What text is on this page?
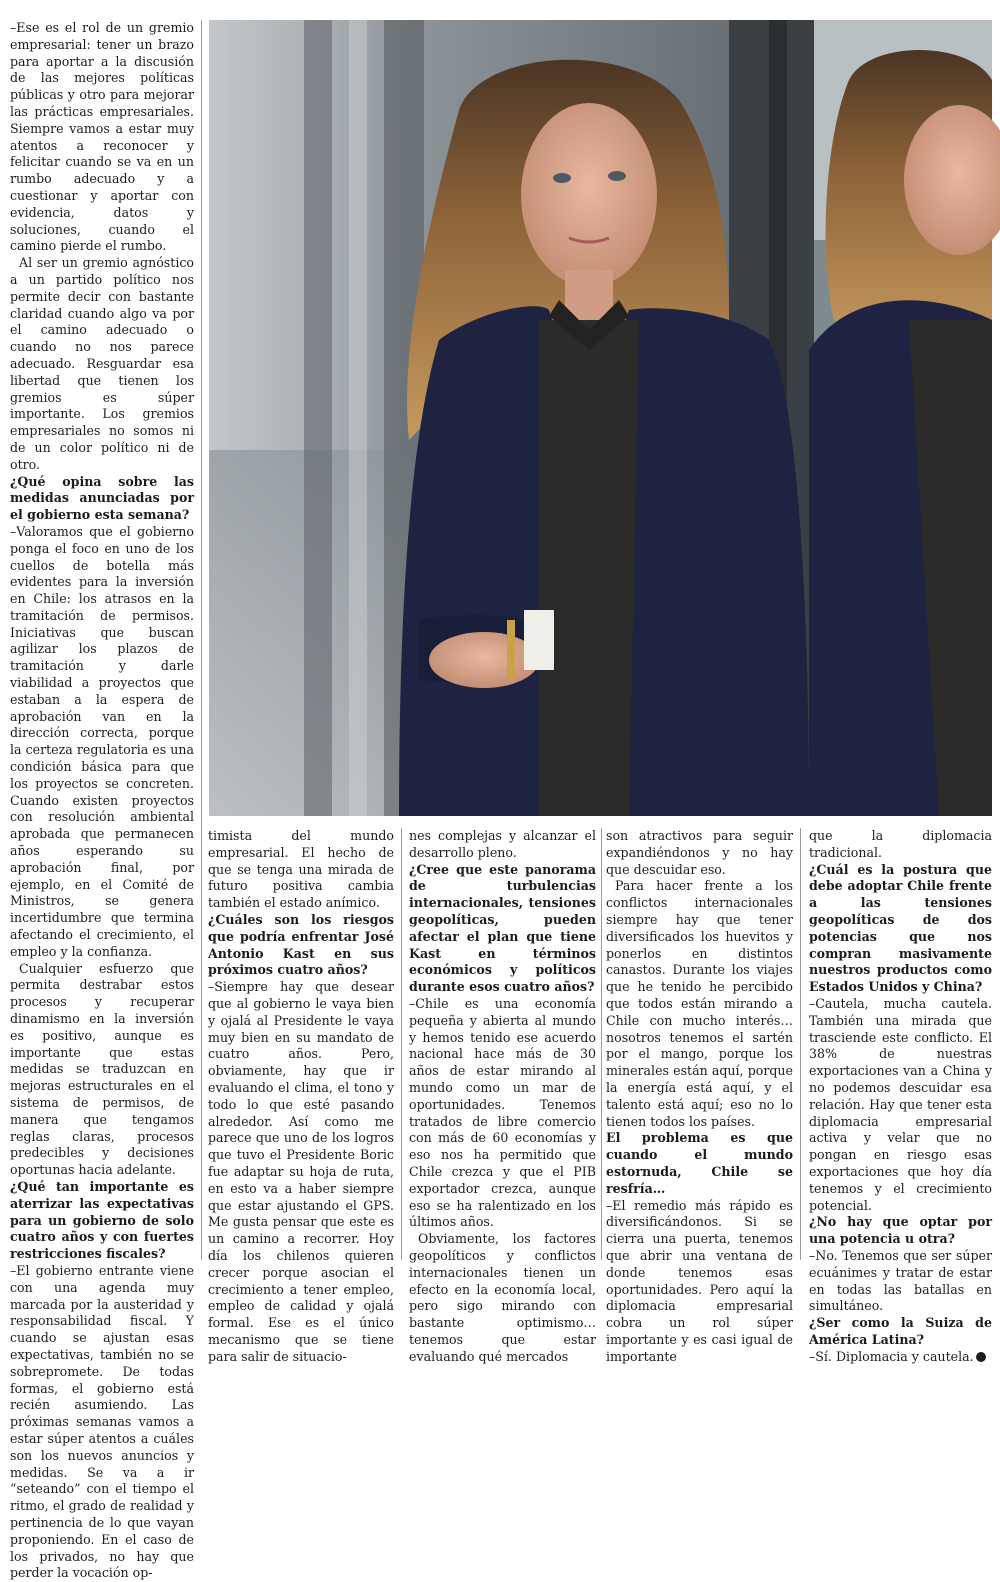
–Ese es el rol de un gremio empresarial: tener un brazo para aportar a la discusión de las mejores políticas públicas y otro para mejorar las prácticas empresariales. Siempre vamos a estar muy atentos a reconocer y felicitar cuando se va en un rumbo adecuado y a cuestionar y aportar con evidencia, datos y soluciones, cuando el camino pierde el rumbo.

Al ser un gremio agnóstico a un partido político nos permite decir con bastante claridad cuando algo va por el camino adecuado o cuando no nos parece adecuado. Resguardar esa libertad que tienen los gremios es súper importante. Los gremios empresariales no somos ni de un color político ni de otro.

¿Qué opina sobre las medidas anunciadas por el gobierno esta semana?

–Valoramos que el gobierno ponga el foco en uno de los cuellos de botella más evidentes para la inversión en Chile: los atrasos en la tramitación de permisos. Iniciativas que buscan agilizar los plazos de tramitación y darle viabilidad a proyectos que estaban a la espera de aprobación van en la dirección correcta, porque la certeza regulatoria es una condición básica para que los proyectos se concreten. Cuando existen proyectos con resolución ambiental aprobada que permanecen años esperando su aprobación final, por ejemplo, en el Comité de Ministros, se genera incertidumbre que termina afectando el crecimiento, el empleo y la confianza.

Cualquier esfuerzo que permita destrabar estos procesos y recuperar dinamismo en la inversión es positivo, aunque es importante que estas medidas se traduzcan en mejoras estructurales en el sistema de permisos, de manera que tengamos reglas claras, procesos predecibles y decisiones oportunas hacia adelante.

¿Qué tan importante es aterrizar las expectativas para un gobierno de solo cuatro años y con fuertes restricciones fiscales?

–El gobierno entrante viene con una agenda muy marcada por la austeridad y responsabilidad fiscal. Y cuando se ajustan esas expectativas, también no se sobrepromete. De todas formas, el gobierno está recién asumiendo. Las próximas semanas vamos a estar súper atentos a cuáles son los nuevos anuncios y medidas. Se va a ir “seteando” con el tiempo el ritmo, el grado de realidad y pertinencia de lo que vayan proponiendo. En el caso de los privados, no hay que perder la vocación op-

timista del mundo empresarial. El hecho de que se tenga una mirada de futuro positiva cambia también el estado anímico.

¿Cuáles son los riesgos que podría enfrentar José Antonio Kast en sus próximos cuatro años?

–Siempre hay que desear que al gobierno le vaya bien y ojalá al Presidente le vaya muy bien en su mandato de cuatro años. Pero, obviamente, hay que ir evaluando el clima, el tono y todo lo que esté pasando alrededor. Así como me parece que uno de los logros que tuvo el Presidente Boric fue adaptar su hoja de ruta, en esto va a haber siempre que estar ajustando el GPS. Me gusta pensar que este es un camino a recorrer. Hoy día los chilenos quieren crecer porque asocian el crecimiento a tener empleo, empleo de calidad y ojalá formal. Ese es el único mecanismo que se tiene para salir de situacio-

nes complejas y alcanzar el desarrollo pleno.

¿Cree que este panorama de turbulencias internacionales, tensiones geopolíticas, pueden afectar el plan que tiene Kast en términos económicos y políticos durante esos cuatro años?

–Chile es una economía pequeña y abierta al mundo y hemos tenido ese acuerdo nacional hace más de 30 años de estar mirando al mundo como un mar de oportunidades. Tenemos tratados de libre comercio con más de 60 economías y eso nos ha permitido que Chile crezca y que el PIB exportador crezca, aunque eso se ha ralentizado en los últimos años.

Obviamente, los factores geopolíticos y conflictos internacionales tienen un efecto en la economía local, pero sigo mirando con bastante optimismo… tenemos que estar evaluando qué mercados

son atractivos para seguir expandiéndonos y no hay que descuidar eso.

Para hacer frente a los conflictos internacionales siempre hay que tener diversificados los huevitos y ponerlos en distintos canastos. Durante los viajes que he tenido he percibido que todos están mirando a Chile con mucho interés… nosotros tenemos el sartén por el mango, porque los minerales están aquí, porque la energía está aquí, y el talento está aquí; eso no lo tienen todos los países.

El problema es que cuando el mundo estornuda, Chile se resfría…

–El remedio más rápido es diversificándonos. Si se cierra una puerta, tenemos que abrir una ventana de donde tenemos esas oportunidades. Pero aquí la diplomacia empresarial cobra un rol súper importante y es casi igual de importante

que la diplomacia tradicional.

¿Cuál es la postura que debe adoptar Chile frente a las tensiones geopolíticas de dos potencias que nos compran masivamente nuestros productos como Estados Unidos y China?

–Cautela, mucha cautela. También una mirada que trasciende este conflicto. El 38% de nuestras exportaciones van a China y no podemos descuidar esa relación. Hay que tener esta diplomacia empresarial activa y velar que no pongan en riesgo esas exportaciones que hoy día tenemos y el crecimiento potencial.

¿No hay que optar por una potencia u otra?

–No. Tenemos que ser súper ecuánimes y tratar de estar en todas las batallas en simultáneo.

¿Ser como la Suiza de América Latina?

–Sí. Diplomacia y cautela.
